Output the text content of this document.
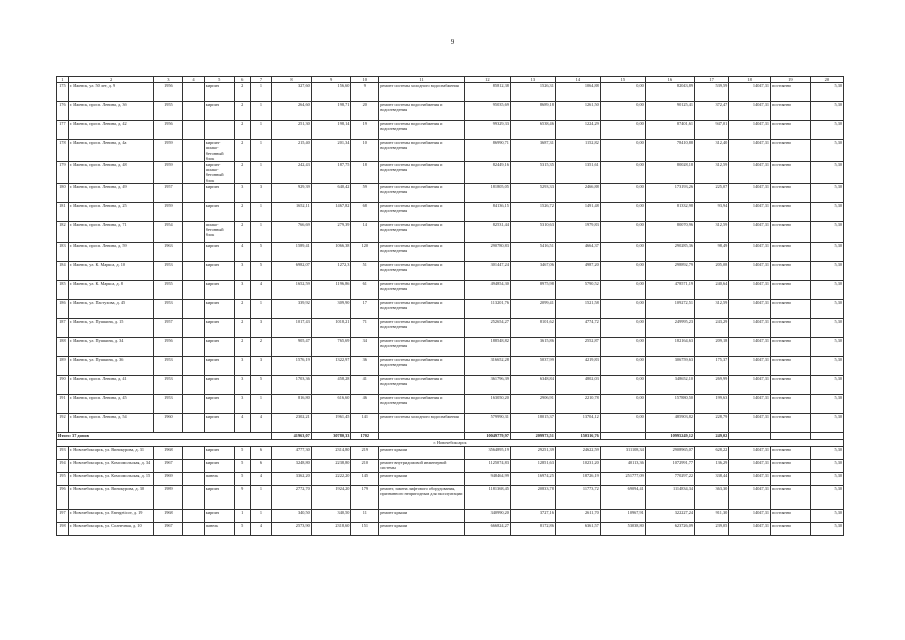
9
1	2	3	4	5	6	7	8	9	10	11	12	13	14	15	16	17	18	19	20
175	г. Ижевск, ул. 50 лет, д. 9	1956		кирпич	2	1	327,60	156,60	9	ремонт системы холодного водоснабжения	85812,38	1526,31	1064,88	0,00	82043,89	539,59	14047,31	постоянно	5,30
176	г. Ижевск, просп. Ленина, д. 3б	1955		кирпич	2	1	264,60	198,71	20	ремонт системы водоснабжения и водоотведения	95035,69	8689,18	1261,50	0,00	90125,41	372,47	14047,31	постоянно	5,30
177	г. Ижевск, просп. Ленина, д. 42	1956			2	1	251,30	198,14	19	ремонт системы водоснабжения и водоотведения	99329,33	6538,46	1224,29	0,00	87401,61	947,01	14047,31	постоянно	5,30
178	г. Ижевск, просп. Ленина, д. 4а	1959		кирпич-шлако-бетонный блок	2	1	215,40	201,34	10	ремонт системы водоснабжения и водоотведения	86990,71	3687,31	1152,82	0,00	78410,88	312,40	14047,31	постоянно	5,30
179	г. Ижевск, просп. Ленина, д. 48	1959		кирпич-шлако-бетонный блок	2	1	242,43	187,75	18	ремонт системы водоснабжения и водоотведения	82449,16	5315,35	1351,61	0,00	80028,18	312,59	14047,31	постоянно	5,30
180	г. Ижевск, просп. Ленина, д. 49	1957		кирпич	3	3	929,39	640,42	59	ремонт системы водоснабжения и водоотведения	181805,05	5293,33	2466,88	0,00	173193,26	225,07	14047,31	постоянно	5,30
181	г. Ижевск, просп. Ленина, д. 25	1959		кирпич	2	1	1652,11	1467,82	68	ремонт системы водоснабжения и водоотведения	84136,15	1526,72	1491,48	0,00	81332,98	93,94	14047,31	постоянно	5,30
182	г. Ижевск, просп. Ленина, д. 71	1954		шлако-бетонный блок	2	1	766,69	279,39	14	ремонт системы водоснабжения и водоотведения	82531,44	5310,63	1979,83	0,00	80070,96	312,59	14047,31	постоянно	5,30
183	г. Ижевск, просп. Ленина, д. 59	1963		кирпич	4	5	1589,41	1066,38	120	ремонт системы водоснабжения и водоотведения	290780,83	5416,51	4664,37	0,00	290285,36	98,49	14047,31	постоянно	5,30
184	г. Ижевск, ул. К. Маркса, д. 10	1953		кирпич	3	5	6982,07	1272,3	51	ремонт системы водоснабжения и водоотведения	301447,24	3467,06	4987,20	0,00	298892,79	205,08	14047,31	постоянно	5,30
185	г. Ижевск, ул. К. Маркса, д. 8	1955		кирпич	3	4	1652,59	1196,86	61	ремонт системы водоснабжения и водоотведения	494854,30	8975,98	5790,52	0,00	478571,19	240,64	14047,31	постоянно	5,30
186	г. Ижевск, ул. Пастухова, д. 45	1953		кирпич	2	1	339,92	309,90	17	ремонт системы водоснабжения и водоотведения	113201,76	2099,41	1521,58	0,00	109272,51	312,59	14047,31	постоянно	5,30
187	г. Ижевск, ул. Пушкина, д. 15	1957		кирпич	2	3	1017,43	1018,21	71	ремонт системы водоснабжения и водоотведения	252654,27	8101,62	4774,72	0,00	249995,23	243,29	14047,31	постоянно	5,30
188	г. Ижевск, ул. Пушкина, д. 34	1956		кирпич	2	2	905,47	765,69	34	ремонт системы водоснабжения и водоотведения	188548,82	3615,86	2552,87	0,00	182164,63	209,18	14047,31	постоянно	5,30
189	г. Ижевск, ул. Пушкина, д. 36	1953		кирпич	3	3	1576,19	1322,97	36	ремонт системы водоснабжения и водоотведения	316652,28	5037,99	4219,83	0,00	306759,63	175,37	14047,31	постоянно	5,30
190	г. Ижевск, просп. Ленина, д. 41	1953		кирпич	3	5	1703,36	458,28	41	ремонт системы водоснабжения и водоотведения	361796,39	6348,84	4802,03	0,00	348652,10	269,99	14047,31	постоянно	5,30
191	г. Ижевск, просп. Ленина, д. 45	1953		кирпич	3	1	816,80	616,60	46	ремонт системы водоснабжения и водоотведения	163050,20	2906,91	2210,78	0,00	157880,50	199,63	14047,31	постоянно	5,30
192	г. Ижевск, просп. Ленина, д. 54	1960		кирпич	4	4	2302,21	1961,45	141	ремонт системы холодного водоснабжения	579990,31	18015,37	13704,12	0,00	485903,82	228,79	14047,31	постоянно	5,30
Итого: 37 домов							41963,07	30780,33	1702		10049779,97	209973,51	150316,76		10995249,12	249,02			
г. Новочебоксарск																			
193	г. Новочебоксарск, ул. Винокурова, д. 31	1968		кирпич	5	6	4777,30	2314,80	219	ремонт крыши	3564895,19	29251,39	24622,59	311108,34	2908965,07	628,22	14047,31	постоянно	5,30
194	г. Новочебоксарск, ул. Комсомольская, д. 34	1967		кирпич	5	6	3248,80	2238,80	210	ремонт внутридомовой инженерной системы	1125074,83	12851,63	10231,20	40113,36	1072991,77	136,29	14047,31	постоянно	5,30
195	г. Новочебоксарск, ул. Комсомольская, д. 15	1969		панель	5	4	3362,20	2222,20	145	ремонт крыши	948464,99	16974,25	18726,19	251777,09	770297,22	338,44	14047,31	постоянно	5,30
196	г. Новочебоксарск, ул. Винокурова, д. 30	1989		кирпич	9	1	2772,70	1924,20	179	ремонт, замена лифтового оборудования, признанного непригодным для эксплуатации	1181368,45	20833,78	11773,72	69094,41	1114834,34	363,30	14047,31	постоянно	5,30
197	г. Новочебоксарск, ул. Energeticov, д. 19	1968		кирпич	1	1	340,50	340,50	11	ремонт крыши	340990,20	3727,16	2611,70	10967,91	322227,24	911,30	14047,31	постоянно	5,30
198	г. Новочебоксарск, ул. Солнечная, д. 10	1967		панель	5	4	2573,90	2318,60	151	ремонт крыши	666824,27	8172,86	6361,57	53038,80	623726,09	239,05	14047,31	постоянно	5,30
